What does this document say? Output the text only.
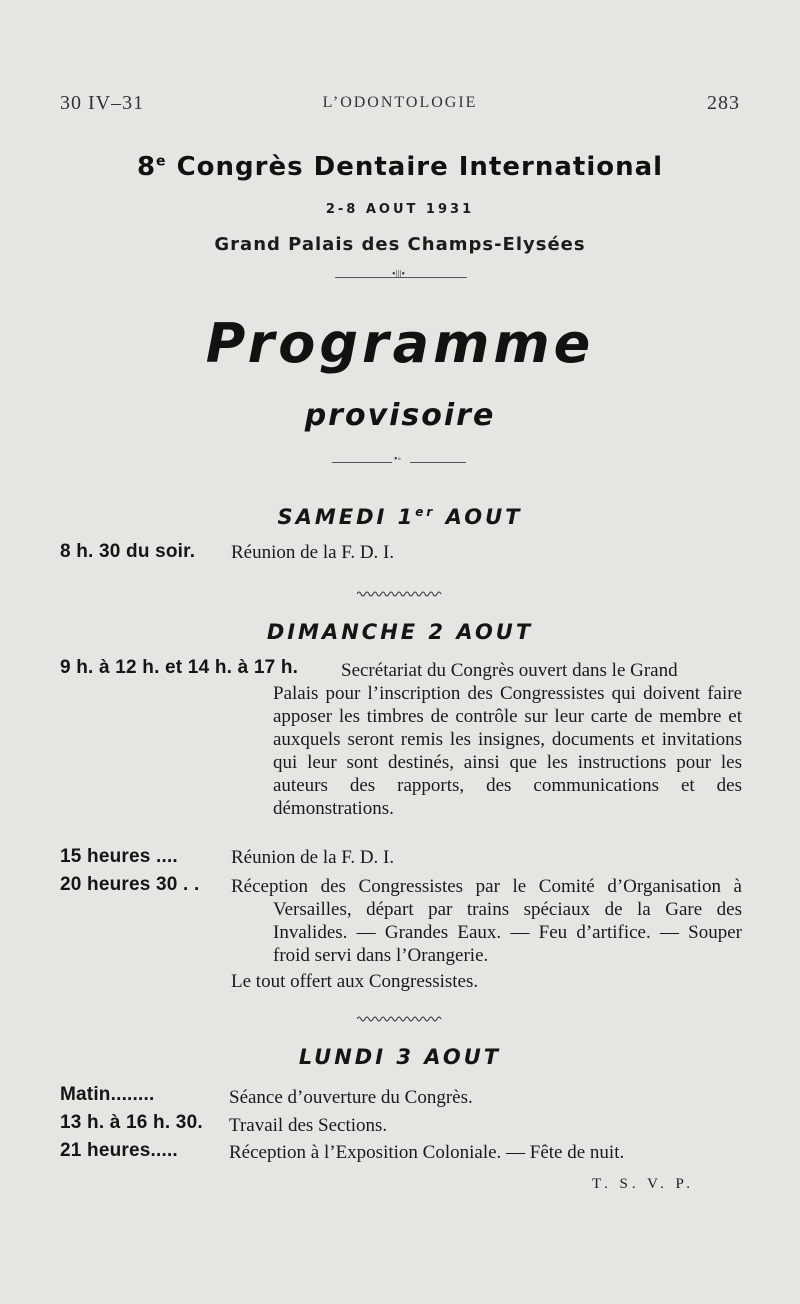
30 IV–31	L’ODONTOLOGIE	283
8e Congrès Dentaire International
2-8 AOUT 1931
Grand Palais des Champs-Elysées
•ǀǀǀ•
Programme
provisoire
•◦
SAMEDI 1er AOUT
8 h. 30 du soir. Réunion de la F. D. I.
DIMANCHE 2 AOUT
9 h. à 12 h. et 14 h. à 17 h. Secrétariat du Congrès ouvert dans le Grand
Palais pour l’inscription des Congressistes qui doivent faire apposer les timbres de contrôle sur leur carte de membre et auxquels seront remis les insignes, documents et invitations qui leur sont destinés, ainsi que les instructions pour les auteurs des rapports, des communications et des démonstrations.
15 heures ....	Réunion de la F. D. I.
20 heures 30 . . Réception des Congressistes par le Comité d’Organisation à Versailles, départ par trains spéciaux de la Gare des Invalides. — Grandes Eaux. — Feu d’artifice. — Souper froid servi dans l’Orangerie.
Le tout offert aux Congressistes.
LUNDI 3 AOUT
Matin........	Séance d’ouverture du Congrès.
13 h. à 16 h. 30. Travail des Sections.
21 heures.....	Réception à l’Exposition Coloniale. — Fête de nuit.
T. S. V. P.
